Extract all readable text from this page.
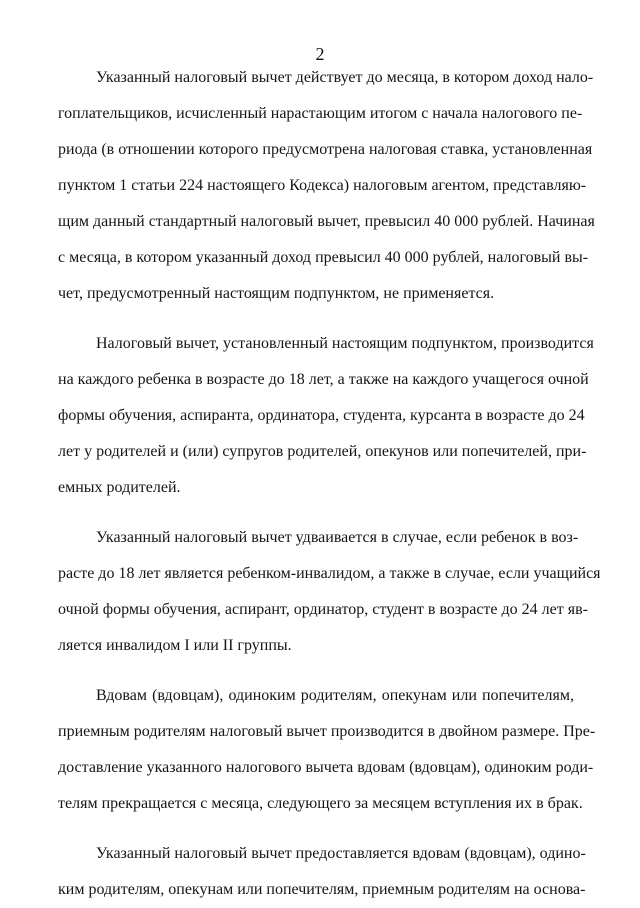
2

Указанный налоговый вычет действует до месяца, в котором доход нало-
гоплательщиков, исчисленный нарастающим итогом с начала налогового пе-
риода (в отношении которого предусмотрена налоговая ставка, установленная
пунктом 1 статьи 224 настоящего Кодекса) налоговым агентом, представляю-
щим данный стандартный налоговый вычет, превысил 40 000 рублей. Начиная
с месяца, в котором указанный доход превысил 40 000 рублей, налоговый вы-
чет, предусмотренный настоящим подпунктом, не применяется.

Налоговый вычет, установленный настоящим подпунктом, производится
на каждого ребенка в возрасте до 18 лет, а также на каждого учащегося очной
формы обучения, аспиранта, ординатора, студента, курсанта в возрасте до 24
лет у родителей и (или) супругов родителей, опекунов или попечителей, при-
емных родителей.

Указанный налоговый вычет удваивается в случае, если ребенок в воз-
расте до 18 лет является ребенком-инвалидом, а также в случае, если учащийся
очной формы обучения, аспирант, ординатор, студент в возрасте до 24 лет яв-
ляется инвалидом I или II группы.

Вдовам (вдовцам), одиноким родителям, опекунам или попечителям,
приемным родителям налоговый вычет производится в двойном размере. Пре-
доставление указанного налогового вычета вдовам (вдовцам), одиноким роди-
телям прекращается с месяца, следующего за месяцем вступления их в брак.

Указанный налоговый вычет предоставляется вдовам (вдовцам), одино-
ким родителям, опекунам или попечителям, приемным родителям на основа-
